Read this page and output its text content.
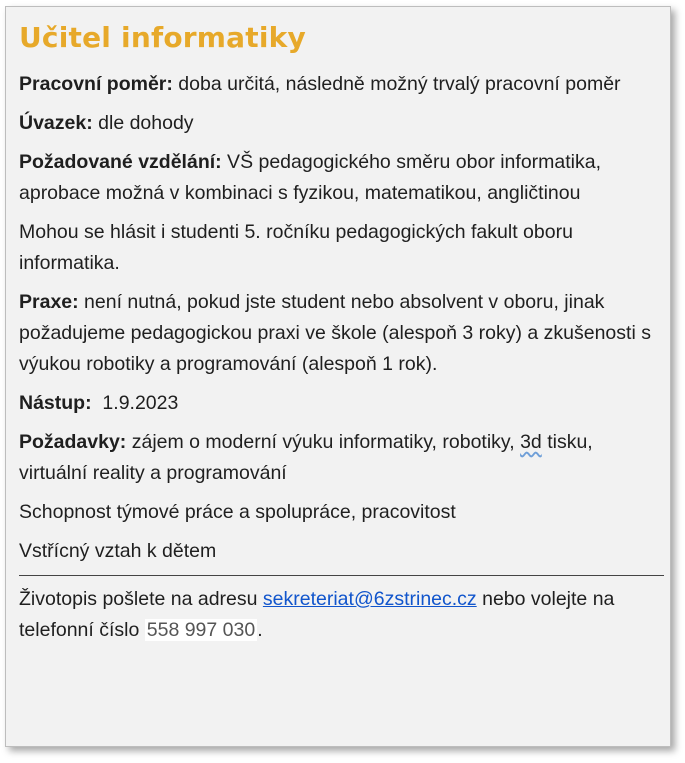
Učitel informatiky
Pracovní poměr: doba určitá, následně možný trvalý pracovní poměr
Úvazek: dle dohody
Požadované vzdělání: VŠ pedagogického směru obor informatika, aprobace možná v kombinaci s fyzikou, matematikou, angličtinou
Mohou se hlásit i studenti 5. ročníku pedagogických fakult oboru informatika.
Praxe: není nutná, pokud jste student nebo absolvent v oboru, jinak požadujeme pedagogickou praxi ve škole (alespoň 3 roky) a zkušenosti s výukou robotiky a programování (alespoň 1 rok).
Nástup:  1.9.2023
Požadavky: zájem o moderní výuku informatiky, robotiky, 3d tisku, virtuální reality a programování
Schopnost týmové práce a spolupráce, pracovitost
Vstřícný vztah k dětem
Životopis pošlete na adresu sekreteriat@6zstrinec.cz nebo volejte na telefonní číslo 558 997 030 .
